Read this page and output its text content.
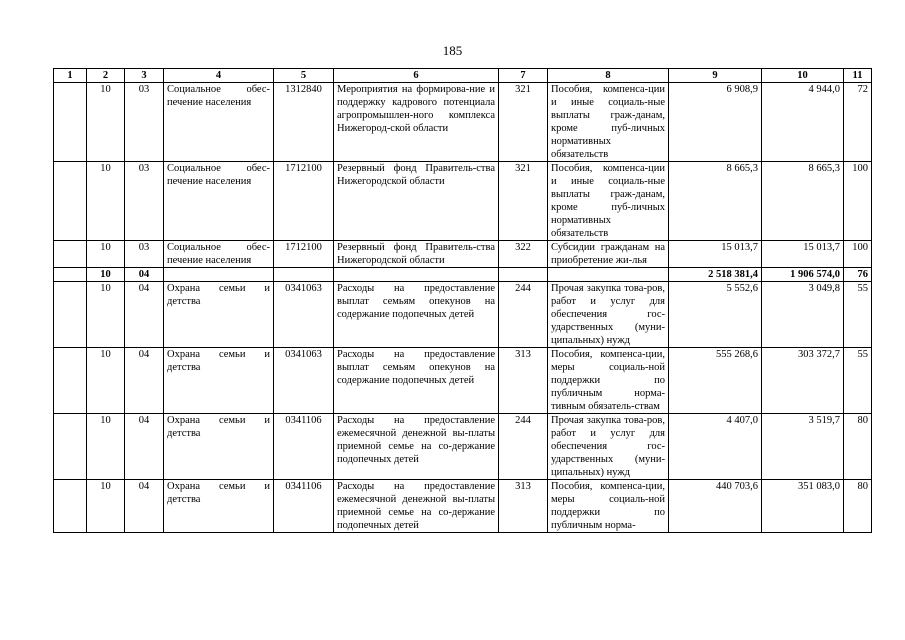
185
1	2	3	4	5	6	7	8	9	10	11
	10	03	Социальное обес-печение населения	1312840	Мероприятия на формирова-ние и поддержку кадрового потенциала агропромышлен-ного комплекса Нижегород-ской области	321	Пособия, компенса-ции и иные социаль-ные выплаты граж-данам, кроме пуб-личных нормативных обязательств	6 908,9	4 944,0	72
	10	03	Социальное обес-печение населения	1712100	Резервный фонд Правитель-ства Нижегородской области	321	Пособия, компенса-ции и иные социаль-ные выплаты граж-данам, кроме пуб-личных нормативных обязательств	8 665,3	8 665,3	100
	10	03	Социальное обес-печение населения	1712100	Резервный фонд Правитель-ства Нижегородской области	322	Субсидии гражданам на приобретение жи-лья	15 013,7	15 013,7	100
	10	04						2 518 381,4	1 906 574,0	76
	10	04	Охрана семьи и детства	0341063	Расходы на предоставление выплат семьям опекунов на содержание подопечных детей	244	Прочая закупка това-ров, работ и услуг для обеспечения гос-ударственных (муни-ципальных) нужд	5 552,6	3 049,8	55
	10	04	Охрана семьи и детства	0341063	Расходы на предоставление выплат семьям опекунов на содержание подопечных детей	313	Пособия, компенса-ции, меры социаль-ной поддержки по публичным норма-тивным обязатель-ствам	555 268,6	303 372,7	55
	10	04	Охрана семьи и детства	0341106	Расходы на предоставление ежемесячной денежной вы-платы приемной семье на со-держание подопечных детей	244	Прочая закупка това-ров, работ и услуг для обеспечения гос-ударственных (муни-ципальных) нужд	4 407,0	3 519,7	80
	10	04	Охрана семьи и детства	0341106	Расходы на предоставление ежемесячной денежной вы-платы приемной семье на со-держание подопечных детей	313	Пособия, компенса-ции, меры социаль-ной поддержки по публичным норма-	440 703,6	351 083,0	80
